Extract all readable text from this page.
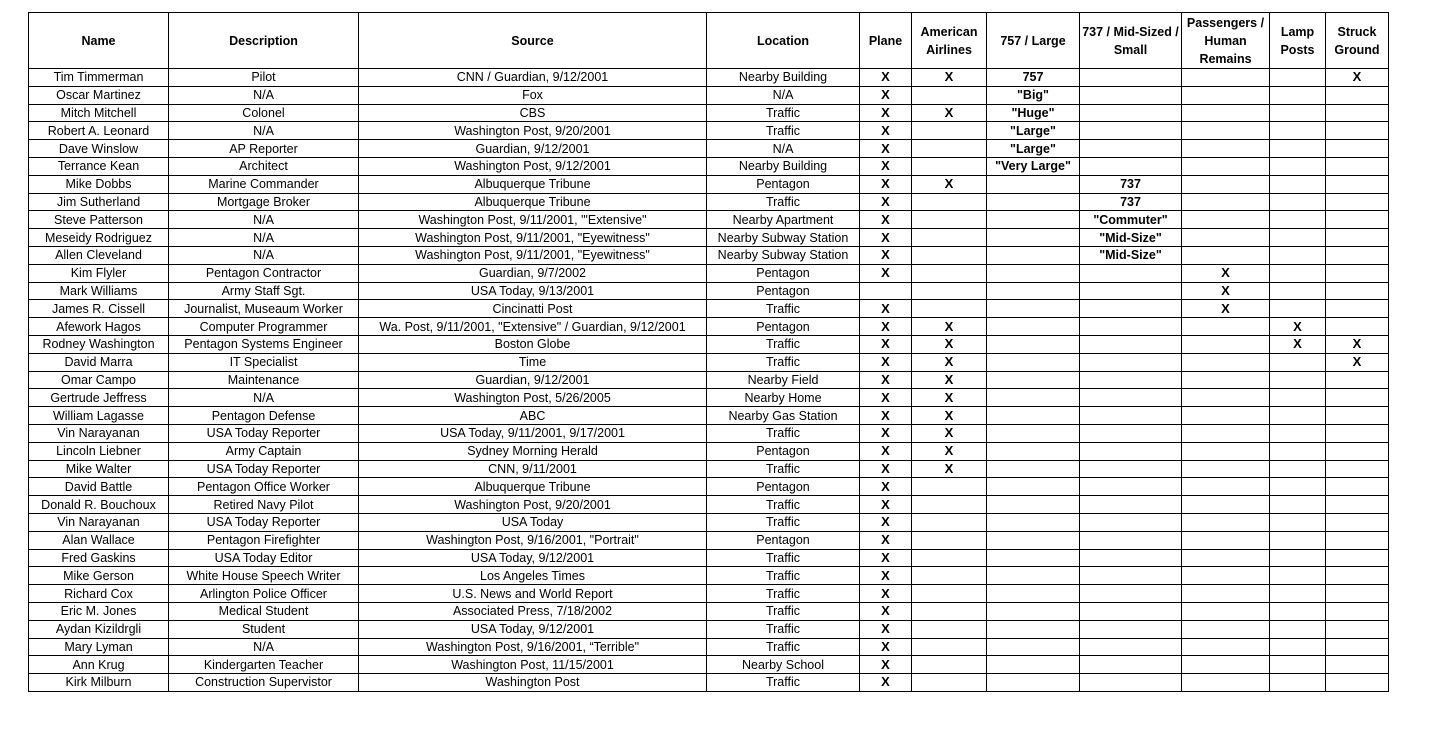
Name	Description	Source	Location	Plane	American Airlines	757 / Large	737 / Mid-Sized / Small	Passengers / Human Remains	Lamp Posts	Struck Ground
Tim Timmerman	Pilot	CNN / Guardian, 9/12/2001	Nearby Building	X	X	757				X
Oscar Martinez	N/A	Fox	N/A	X		"Big"				
Mitch Mitchell	Colonel	CBS	Traffic	X	X	"Huge"				
Robert A. Leonard	N/A	Washington Post, 9/20/2001	Traffic	X		"Large"				
Dave Winslow	AP Reporter	Guardian, 9/12/2001	N/A	X		"Large"				
Terrance Kean	Architect	Washington Post, 9/12/2001	Nearby Building	X		"Very Large"				
Mike Dobbs	Marine Commander	Albuquerque Tribune	Pentagon	X	X		737			
Jim Sutherland	Mortgage Broker	Albuquerque Tribune	Traffic	X			737			
Steve Patterson	N/A	Washington Post, 9/11/2001, "'Extensive"	Nearby Apartment	X			"Commuter"			
Meseidy Rodriguez	N/A	Washington Post, 9/11/2001, "Eyewitness"	Nearby Subway Station	X			"Mid-Size"			
Allen Cleveland	N/A	Washington Post, 9/11/2001, "Eyewitness"	Nearby Subway Station	X			"Mid-Size"			
Kim Flyler	Pentagon Contractor	Guardian, 9/7/2002	Pentagon	X				X		
Mark Williams	Army Staff Sgt.	USA Today, 9/13/2001	Pentagon					X		
James R. Cissell	Journalist, Museaum Worker	Cincinatti Post	Traffic	X				X		
Afework Hagos	Computer Programmer	Wa. Post, 9/11/2001, "Extensive" / Guardian, 9/12/2001	Pentagon	X	X				X	
Rodney Washington	Pentagon Systems Engineer	Boston Globe	Traffic	X	X				X	X
David Marra	IT Specialist	Time	Traffic	X	X					X
Omar Campo	Maintenance	Guardian, 9/12/2001	Nearby Field	X	X					
Gertrude Jeffress	N/A	Washington Post, 5/26/2005	Nearby Home	X	X					
William Lagasse	Pentagon Defense	ABC	Nearby Gas Station	X	X					
Vin Narayanan	USA Today Reporter	USA Today, 9/11/2001, 9/17/2001	Traffic	X	X					
Lincoln Liebner	Army Captain	Sydney Morning Herald	Pentagon	X	X					
Mike Walter	USA Today Reporter	CNN, 9/11/2001	Traffic	X	X					
David Battle	Pentagon Office Worker	Albuquerque Tribune	Pentagon	X						
Donald R. Bouchoux	Retired Navy Pilot	Washington Post, 9/20/2001	Traffic	X						
Vin Narayanan	USA Today Reporter	USA Today	Traffic	X						
Alan Wallace	Pentagon Firefighter	Washington Post, 9/16/2001, "Portrait"	Pentagon	X						
Fred Gaskins	USA Today Editor	USA Today, 9/12/2001	Traffic	X						
Mike Gerson	White House Speech Writer	Los Angeles Times	Traffic	X						
Richard Cox	Arlington Police Officer	U.S. News and World Report	Traffic	X						
Eric M. Jones	Medical Student	Associated Press, 7/18/2002	Traffic	X						
Aydan Kizildrgli	Student	USA Today, 9/12/2001	Traffic	X						
Mary Lyman	N/A	Washington Post, 9/16/2001, “Terrible"	Traffic	X						
Ann Krug	Kindergarten Teacher	Washington Post, 11/15/2001	Nearby School	X						
Kirk Milburn	Construction Supervistor	Washington Post	Traffic	X						
